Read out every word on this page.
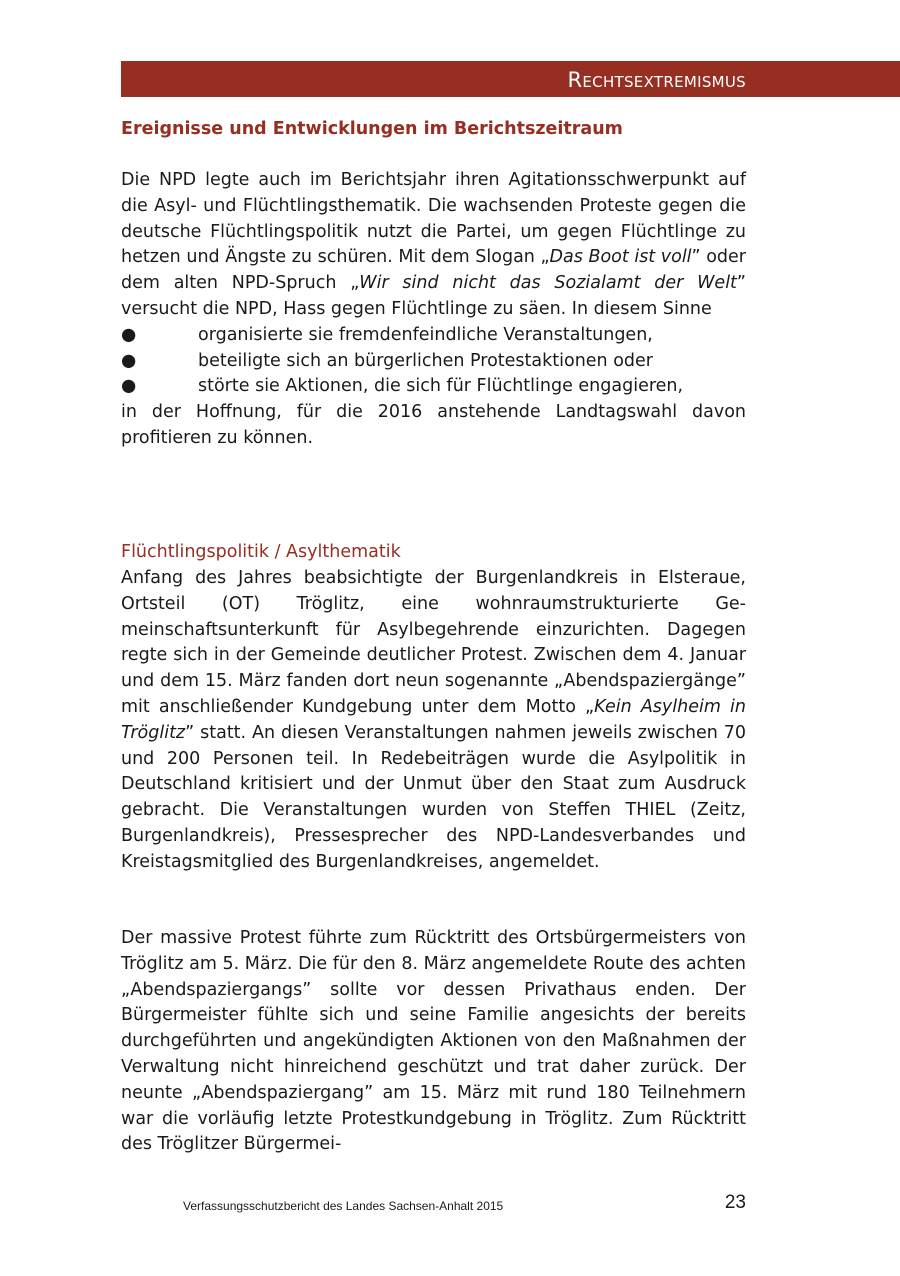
Rechtsextremismus
Ereignisse und Entwicklungen im Berichtszeitraum

Die NPD legte auch im Berichtsjahr ihren Agitationsschwerpunkt auf die Asyl- und Flüchtlingsthematik. Die wachsenden Proteste gegen die deutsche Flüchtlingspolitik nutzt die Partei, um gegen Flüchtlinge zu hetzen und Ängste zu schüren. Mit dem Slogan „Das Boot ist voll” oder dem alten NPD-Spruch „Wir sind nicht das Sozialamt der Welt” versucht die NPD, Hass gegen Flüchtlinge zu säen. In diesem Sinne

●	organisierte sie fremdenfeindliche Veranstaltungen,
●	beteiligte sich an bürgerlichen Protestaktionen oder
●	störte sie Aktionen, die sich für Flüchtlinge engagieren,

in der Hoffnung, für die 2016 anstehende Landtagswahl davon profitieren zu können.

Flüchtlingspolitik / Asylthematik

Anfang des Jahres beabsichtigte der Burgenlandkreis in Elsteraue, Ortsteil (OT) Tröglitz, eine wohnraumstrukturierte Gemeinschaftsunterkunft für Asylbegehrende einzurichten. Dagegen regte sich in der Gemeinde deutlicher Protest. Zwischen dem 4. Januar und dem 15. März fanden dort neun sogenannte „Abendspaziergänge” mit anschließender Kundgebung unter dem Motto „Kein Asylheim in Tröglitz” statt. An diesen Veranstaltungen nahmen jeweils zwischen 70 und 200 Personen teil. In Redebeiträgen wurde die Asylpolitik in Deutschland kritisiert und der Unmut über den Staat zum Ausdruck gebracht. Die Veranstaltungen wurden von Steffen THIEL (Zeitz, Burgenlandkreis), Pressesprecher des NPD-Landesverbandes und Kreistagsmitglied des Burgenlandkreises, angemeldet.

Der massive Protest führte zum Rücktritt des Ortsbürgermeisters von Tröglitz am 5. März. Die für den 8. März angemeldete Route des achten „Abendspaziergangs” sollte vor dessen Privathaus enden. Der Bürgermeister fühlte sich und seine Familie angesichts der bereits durchgeführten und angekündigten Aktionen von den Maßnahmen der Verwaltung nicht hinreichend geschützt und trat daher zurück. Der neunte „Abendspaziergang” am 15. März mit rund 180 Teilnehmern war die vorläufig letzte Protestkundgebung in Tröglitz. Zum Rücktritt des Tröglitzer Bürgermei-

Verfassungsschutzbericht des Landes Sachsen-Anhalt 2015	23
